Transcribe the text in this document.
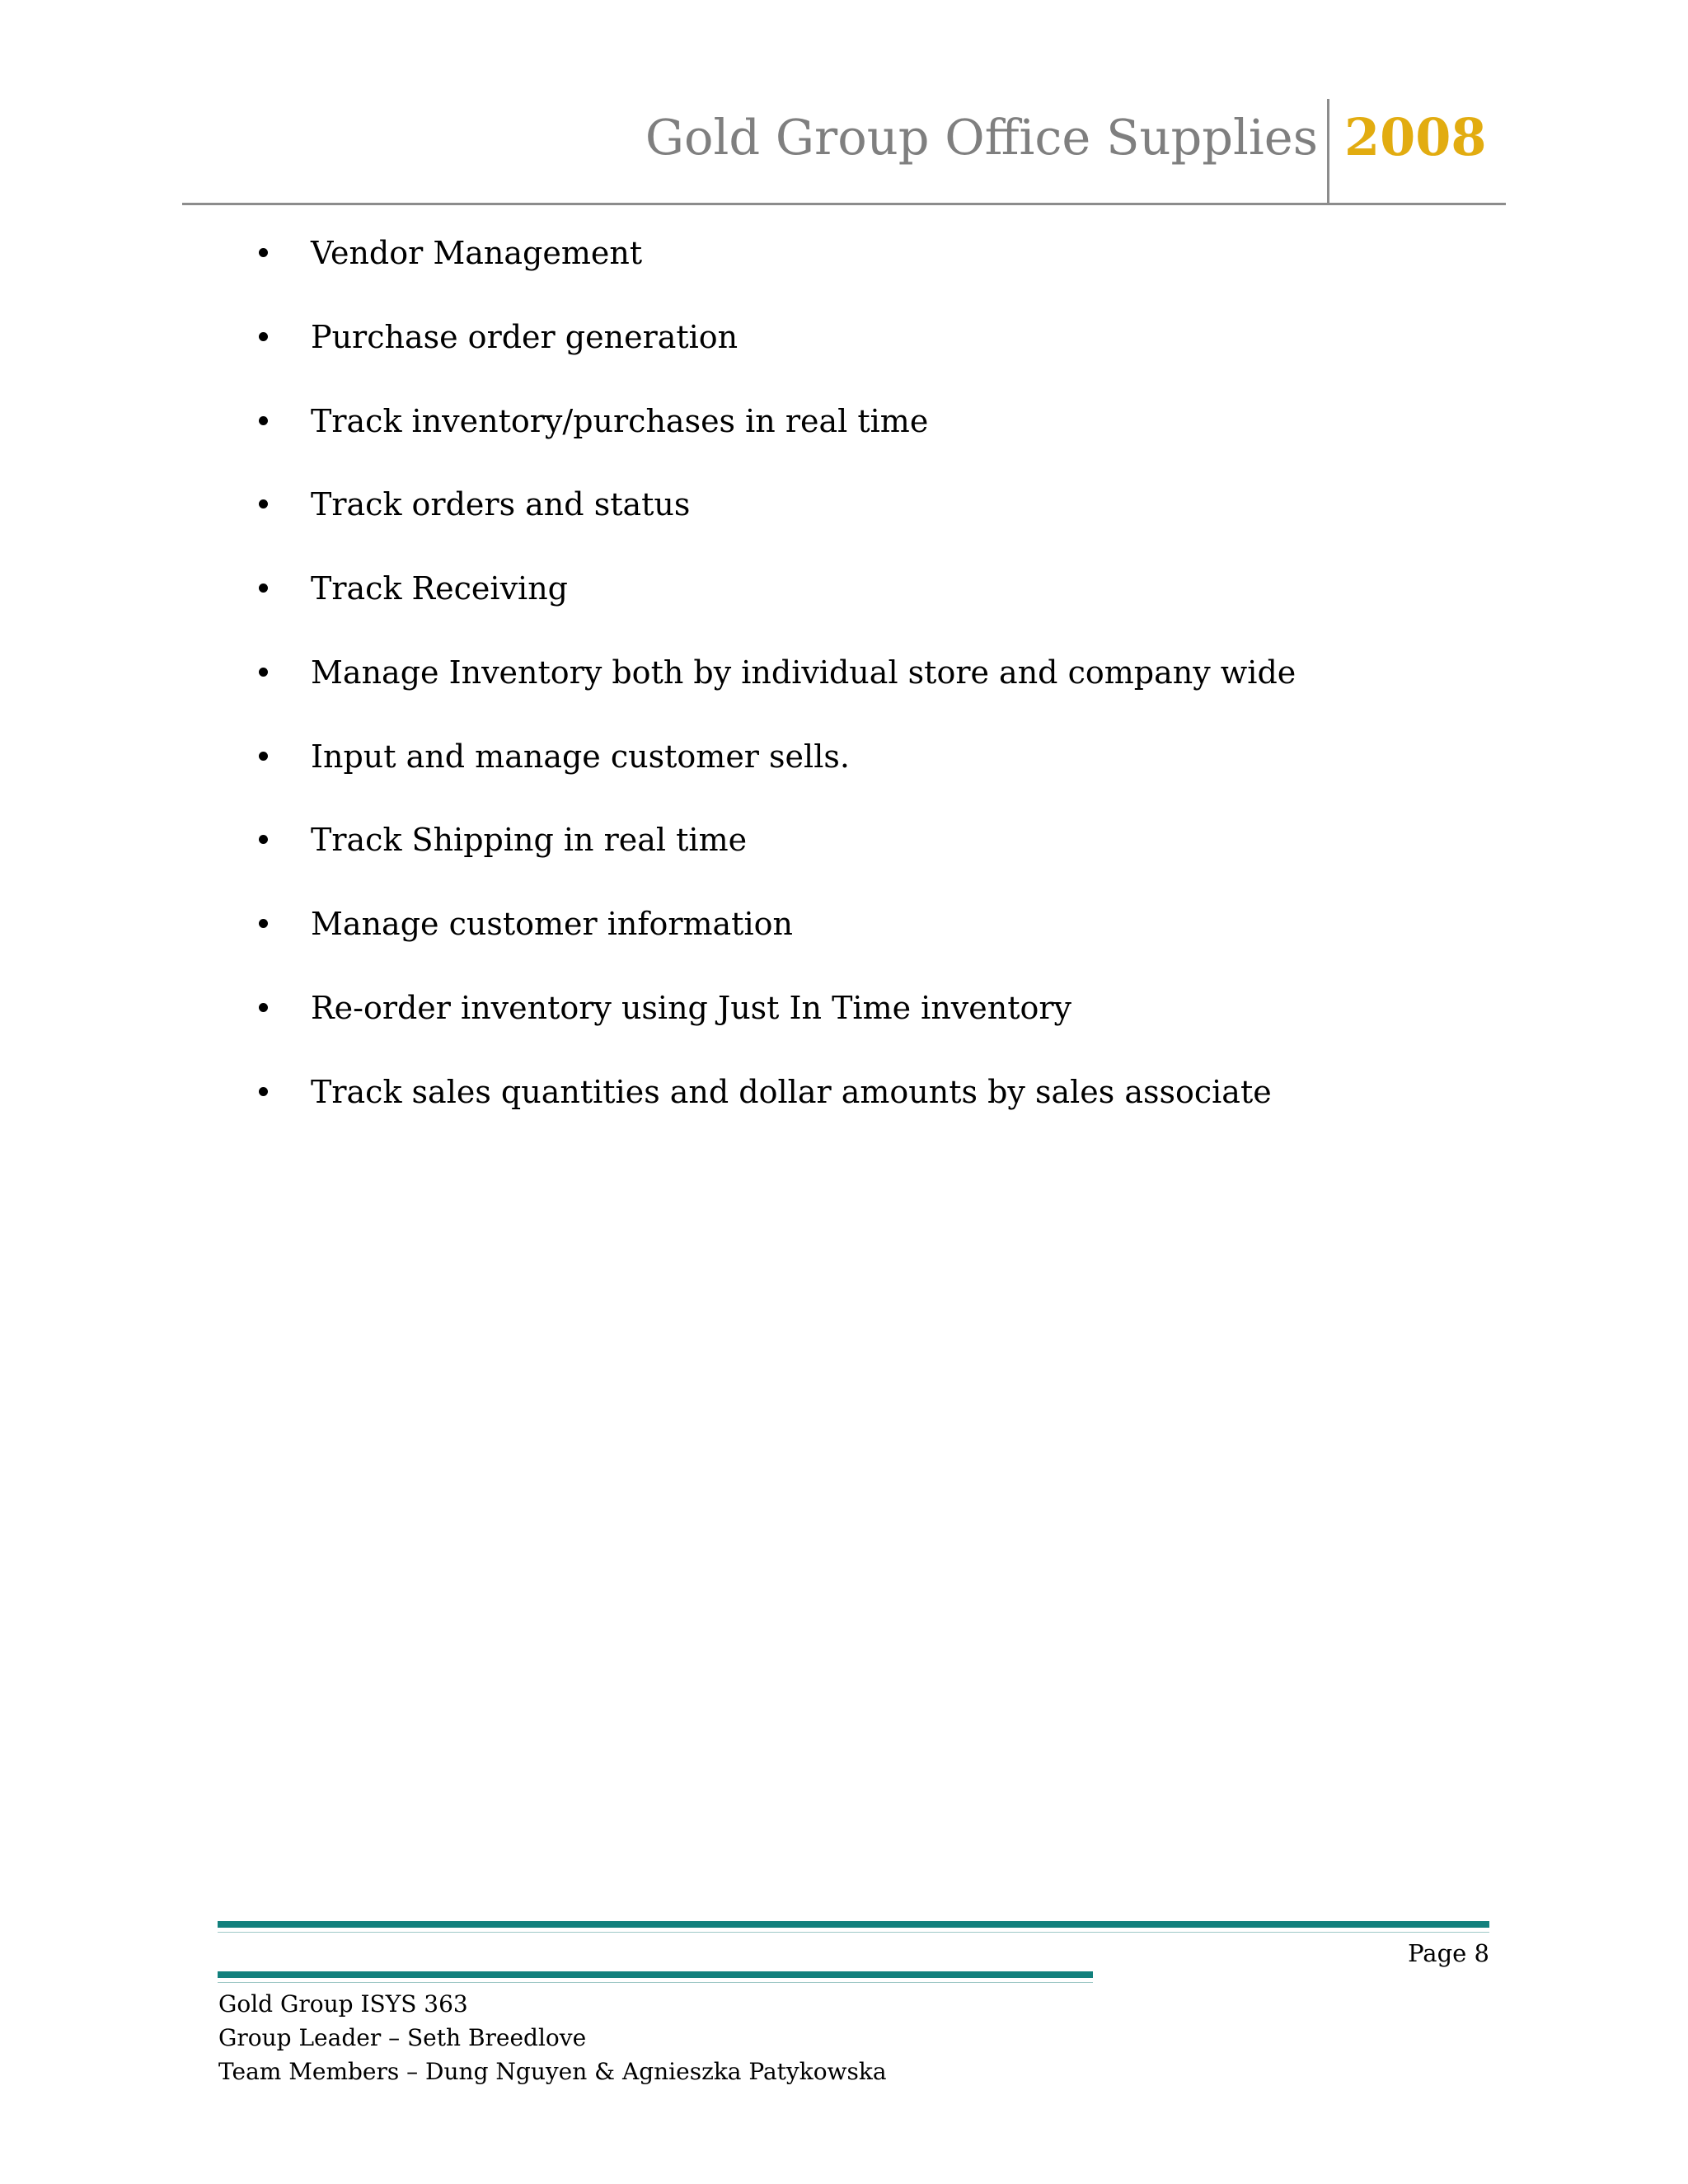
Gold Group Office Supplies 2008
Vendor Management
Purchase order generation
Track inventory/purchases in real time
Track orders and status
Track Receiving
Manage Inventory both by individual store and company wide
Input and manage customer sells.
Track Shipping in real time
Manage customer information
Re-order inventory using Just In Time inventory
Track sales quantities and dollar amounts by sales associate
Page 8
Gold Group ISYS 363
Group Leader – Seth Breedlove
Team Members – Dung Nguyen & Agnieszka Patykowska
